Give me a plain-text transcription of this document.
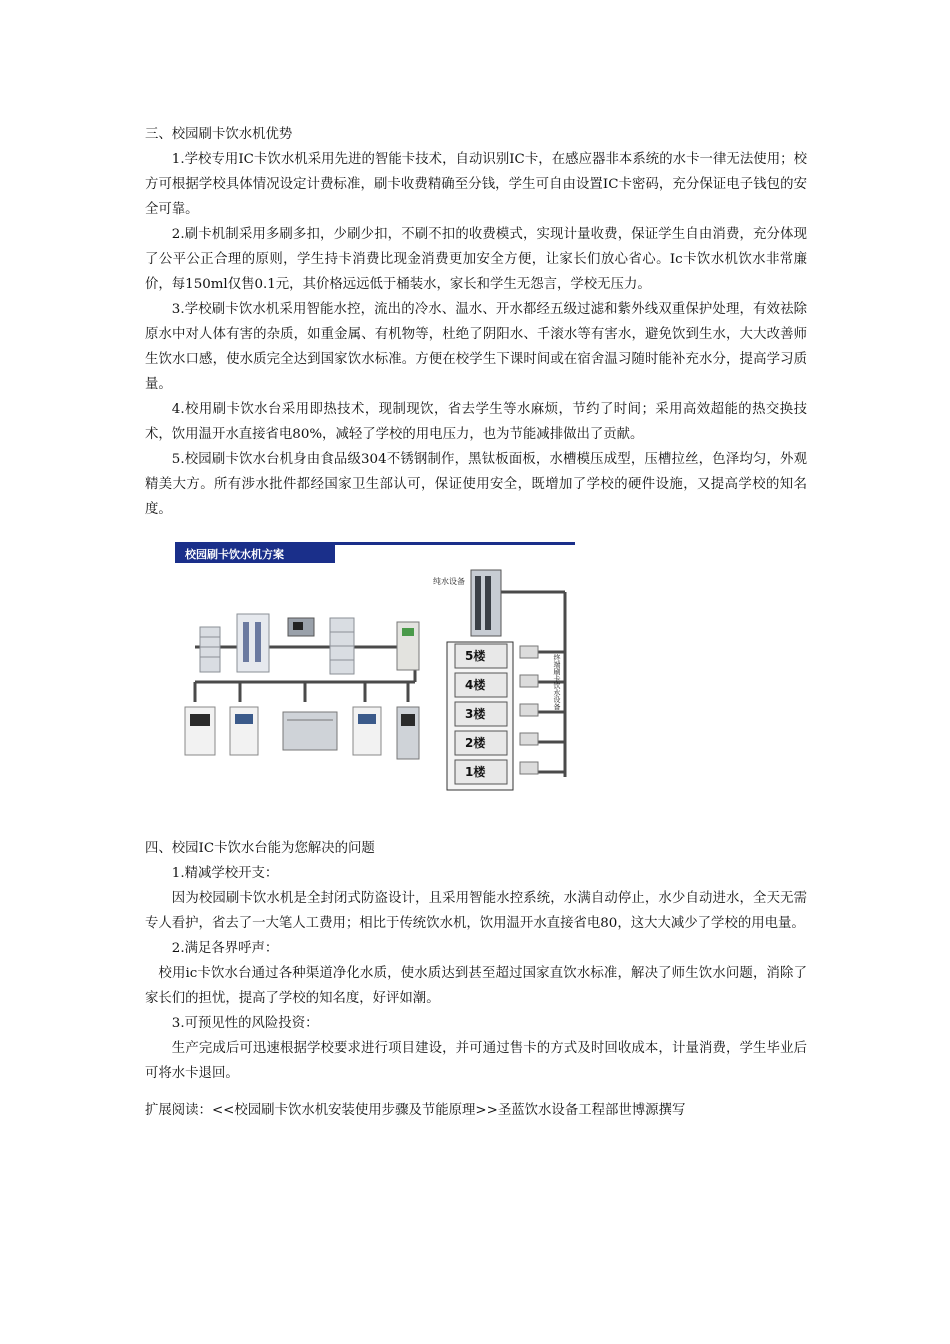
三、校园刷卡饮水机优势

1.学校专用IC卡饮水机采用先进的智能卡技术，自动识别IC卡，在感应器非本系统的水卡一律无法使用；校方可根据学校具体情况设定计费标准，刷卡收费精确至分钱，学生可自由设置IC卡密码，充分保证电子钱包的安全可靠。

2.刷卡机制采用多刷多扣，少刷少扣，不刷不扣的收费模式，实现计量收费，保证学生自由消费，充分体现了公平公正合理的原则，学生持卡消费比现金消费更加安全方便，让家长们放心省心。Ic卡饮水机饮水非常廉价，每150ml仅售0.1元，其价格远远低于桶装水，家长和学生无怨言，学校无压力。

3.学校刷卡饮水机采用智能水控，流出的冷水、温水、开水都经五级过滤和紫外线双重保护处理，有效祛除原水中对人体有害的杂质，如重金属、有机物等，杜绝了阴阳水、千滚水等有害水，避免饮到生水，大大改善师生饮水口感，使水质完全达到国家饮水标准。方便在校学生下课时间或在宿舍温习随时能补充水分，提高学习质量。

4.校用刷卡饮水台采用即热技术，现制现饮，省去学生等水麻烦，节约了时间；采用高效超能的热交换技术，饮用温开水直接省电80%，减轻了学校的用电压力，也为节能减排做出了贡献。

5.校园刷卡饮水台机身由食品级304不锈钢制作，黑钛板面板，水槽模压成型，压槽拉丝，色泽均匀，外观精美大方。所有涉水批件都经国家卫生部认可，保证使用安全，既增加了学校的硬件设施，又提高学校的知名度。

校园刷卡饮水机方案
纯水设备
5楼
4楼
3楼
2楼
1楼
终端刷卡饮水设备

四、校园IC卡饮水台能为您解决的问题

1.精减学校开支：

因为校园刷卡饮水机是全封闭式防盗设计，且采用智能水控系统，水满自动停止，水少自动进水，全天无需专人看护，省去了一大笔人工费用；相比于传统饮水机，饮用温开水直接省电80，这大大减少了学校的用电量。

2.满足各界呼声：

校用ic卡饮水台通过各种渠道净化水质，使水质达到甚至超过国家直饮水标准，解决了师生饮水问题，消除了家长们的担忧，提高了学校的知名度，好评如潮。

3.可预见性的风险投资：

生产完成后可迅速根据学校要求进行项目建设，并可通过售卡的方式及时回收成本，计量消费，学生毕业后可将水卡退回。

扩展阅读：<<校园刷卡饮水机安装使用步骤及节能原理>>圣蓝饮水设备工程部世博源撰写
